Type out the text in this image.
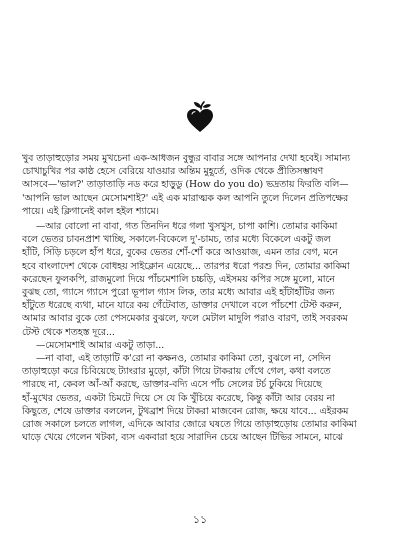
খুব তাড়াহুড়োর সময় মুখচেনা এক-আধজন বুন্ধুর বাবার সঙ্গে আপনার দেখা হবেই। সামান্য
চোখাচুখির পর কাষ্ঠ হেসে বেরিয়ে যাওয়ার অন্তিম মুহূর্তে, ওদিক থেকে প্রীতিসম্ভাষণ
আসবে—'ভাল?' তাড়াতাড়ি নড করে হাড়ুডু (How do you do) ভদ্রতায় ফিরতি বলি—
'আপনি ভাল আছেন মেসোমশাই?' এই এক মারাত্মক কল আপনি তুলে দিলেন প্রতিপক্ষের
পায়ে। এই ক্লিগানেই কাল হইল শ্যামে।
—আর বোলো না বাবা, গত তিনদিন ধরে গলা খুসখুস, চাপা কাশি। তোমার কাকিমা
বলে ভেতর চাবনপ্রাশ খাচ্ছি, সকালে-বিকেলে দু'-চামচ, তার মধ্যে বিকেলে একটু জল
হাঁটি, সিঁড়ি চড়লে হাঁপ ধরে, বুকের ভেতর শোঁ-শোঁ করে আওয়াজ, এমন তার বেগ, মনে
হবে বাংলাদেশ থেকে বোধহয় সাইক্লোন এয়েছে... তারপর ধরো পরশু দিন, তোমার কাকিমা
করেছেন ফুলকপি, রাজমুলো দিয়ে পাঁচমেশালি চচ্চড়ি, এইসময় কপির সঙ্গে মুলো, মানে
বুঝছ তো, গ্যাসে গ্যাসে পুরো ভূপাল গ্যাস লিক, তার মধ্যে আবার এই হাঁটাহাঁটির জন্য
হাঁটুতে ধরেছে ব্যথা, মানে যারে কয় গেঁটেবাত, ডাক্তার দেখালে বলে পাঁচশো টেস্ট করুন,
আমার আবার বুকে তো পেসমেকার বুঝলে, ফলে মেটাল মাদুলি পরাও বারণ, তাই সবরকম
টেস্ট থেকে শতহস্ত দূরে...
—মেসোমশাই আমার একটু তাড়া...
—না বাবা, এই তাড়াটি ক'রো না কক্ষনও, তোমার কাকিমা তো, বুঝলে না, সেদিন
তাড়াহুড়ো করে চিবিয়েছে ট্যাংরার মুড়ো, কাঁটা গিয়ে টাকরায় গেঁথে গেল, কথা বলতে
পারছে না, কেবল আঁ-আঁ করছে, ডাক্তার-বদ্যি এসে পাঁচ সেলের টর্চ ঢুকিয়ে দিয়েছে
হাঁ-মুখের ভেতর, একটা চিমটে দিয়ে সে যে কি খুঁচিয়ে করেছে, কিন্তু কাঁটা আর বেরয় না
কিছুতে, শেষে ডাক্তার বললেন, টুথব্রাশ দিয়ে টাকরা মাজবেন রোজ, ক্ষয়ে যাবে... এইরকম
রোজ সকালে চলতে লাগল, এদিকে আবার জোরে ঘষতে গিয়ে তাড়াহুড়োয় তোমার কাকিমা
ঘাড়ে খেয়ে গেলেন খটকা, ব্যস একবারা হয়ে সারাদিন চেয়ে আছেন টিভির সামনে, মাঝে
১১
